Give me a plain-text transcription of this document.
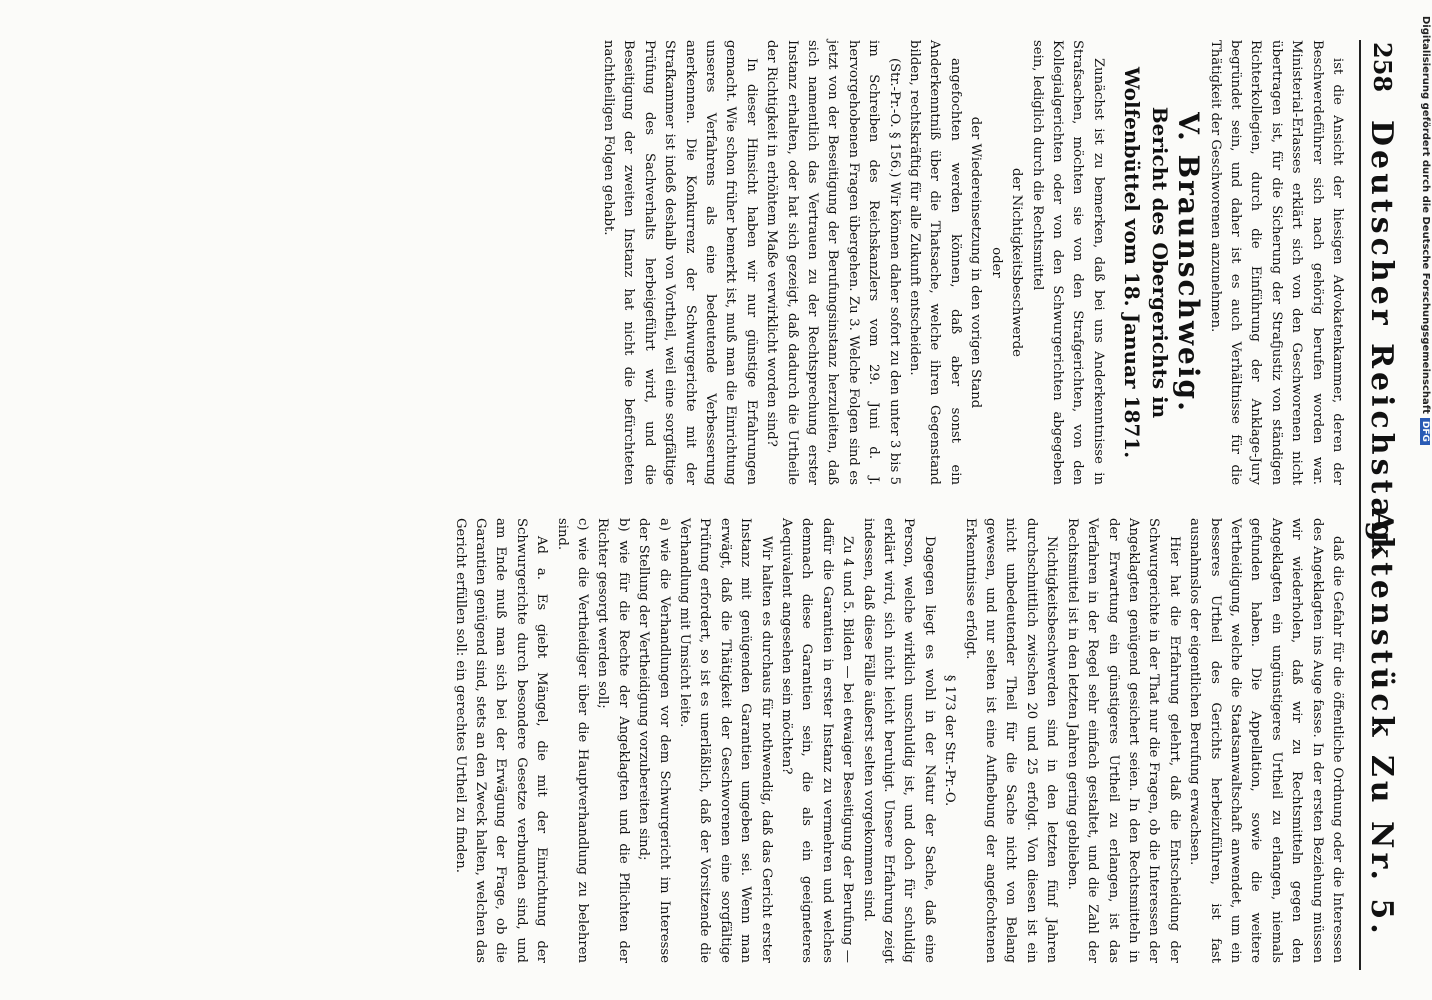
258
Deutscher Reichstag.
Aktenstück Zu Nr. 5.

ist die Ansicht der hiesigen Advokatenkammer, deren der Beschwerdeführer sich nach gehörig berufen worden war. Ministerial-Erlasses erklärt sich von den Geschworenen nicht übertragen ist, für die Sicherung der Strafjustiz von ständigen Richterkollegien, durch die Einführung der Anklage-Jury begründet sein, und daher ist es auch Verhältnisse für die Thätigkeit der Geschworenen anzunehmen.

V. Braunschweig.
Bericht des Obergerichts in Wolfenbüttel vom 18. Januar 1871.

Zunächst ist zu bemerken, daß bei uns Anderkenntnisse in Strafsachen, möchten sie von den Strafgerichten, von den Kollegialgerichten oder von den Schwurgerichten abgegeben sein, lediglich durch die Rechtsmittel

der Nichtigkeitsbeschwerde

oder

der Wiedereinsetzung in den vorigen Stand

angefochten werden können, daß aber sonst ein Anderkenntniß über die Thatsache, welche ihren Gegenstand bilden, rechtskräftig für alle Zukunft entscheiden.

(Str.-Pr.-O. § 156.) Wir können daher sofort zu den unter 3 bis 5 im Schreiben des Reichskanzlers vom 29. Juni d. J. hervorgehobenen Fragen übergehen. Zu 3. Welche Folgen sind es jetzt von der Beseitigung der Berufungsinstanz herzuleiten, daß sich namentlich das Vertrauen zu der Rechtsprechung erster Instanz erhalten, oder hat sich gezeigt, daß dadurch die Urtheile der Richtigkeit in erhöhtem Maße verwirklicht worden sind?

In dieser Hinsicht haben wir nur günstige Erfahrungen gemacht. Wie schon früher bemerkt ist, muß man die Einrichtung unseres Verfahrens als eine bedeutende Verbesserung anerkennen. Die Konkurrenz der Schwurgerichte mit der Strafkammer ist indeß deshalb von Vortheil, weil eine sorgfältige Prüfung des Sachverhalts herbeigeführt wird, und die Beseitigung der zweiten Instanz hat nicht die befürchteten nachtheiligen Folgen gehabt.

daß die Gefahr für die öffentliche Ordnung oder die Interessen des Angeklagten ins Auge fasse. In der ersten Beziehung müssen wir wiederholen, daß wir zu Rechtsmitteln gegen den Angeklagten ein ungünstigeres Urtheil zu erlangen, niemals gefunden haben. Die Appellation, sowie die weitere Vertheidigung, welche die Staatsanwaltschaft anwendet, um ein besseres Urtheil des Gerichts herbeizuführen, ist fast ausnahmslos der eigentlichen Berufung erwachsen.

Hier hat die Erfahrung gelehrt, daß die Entscheidung der Schwurgerichte in der That nur die Fragen, ob die Interessen der Angeklagten genügend gesichert seien. In den Rechtsmitteln in der Erwartung ein günstigeres Urtheil zu erlangen, ist das Verfahren in der Regel sehr einfach gestaltet, und die Zahl der Rechtsmittel ist in den letzten Jahren gering geblieben.

Nichtigkeitsbeschwerden sind in den letzten fünf Jahren durchschnittlich zwischen 20 und 25 erfolgt. Von diesen ist ein nicht unbedeutender Theil für die Sache nicht von Belang gewesen, und nur selten ist eine Aufhebung der angefochtenen Erkenntnisse erfolgt.

§ 173 der Str.-Pr.-O.

Dagegen liegt es wohl in der Natur der Sache, daß eine Person, welche wirklich unschuldig ist, und doch für schuldig erklärt wird, sich nicht leicht beruhigt. Unsere Erfahrung zeigt indessen, daß diese Fälle äußerst selten vorgekommen sind.

Zu 4 und 5. Bilden — bei etwaiger Beseitigung der Berufung — dafür die Garantien in erster Instanz zu vermehren und welches demnach diese Garantien sein, die als ein geeigneteres Aequivalent angesehen sein möchten?

Wir halten es durchaus für nothwendig, daß das Gericht erster Instanz mit genügenden Garantien umgeben sei. Wenn man erwägt, daß die Thätigkeit der Geschworenen eine sorgfältige Prüfung erfordert, so ist es unerläßlich, daß der Vorsitzende die Verhandlung mit Umsicht leite.

a) wie die Verhandlungen vor dem Schwurgericht im Interesse der Stellung der Vertheidigung vorzubereiten sind;

b) wie für die Rechte der Angeklagten und die Pflichten der Richter gesorgt werden soll;

c) wie die Vertheidiger über die Hauptverhandlung zu belehren sind.

Ad a. Es giebt Mängel, die mit der Einrichtung der Schwurgerichte durch besondere Gesetze verbunden sind, und am Ende muß man sich bei der Erwägung der Frage, ob die Garantien genügend sind, stets an den Zweck halten, welchen das Gericht erfüllen soll: ein gerechtes Urtheil zu finden.

Digitalisierung gefördert durch die Deutsche ForschungsgemeinschaftDFG
